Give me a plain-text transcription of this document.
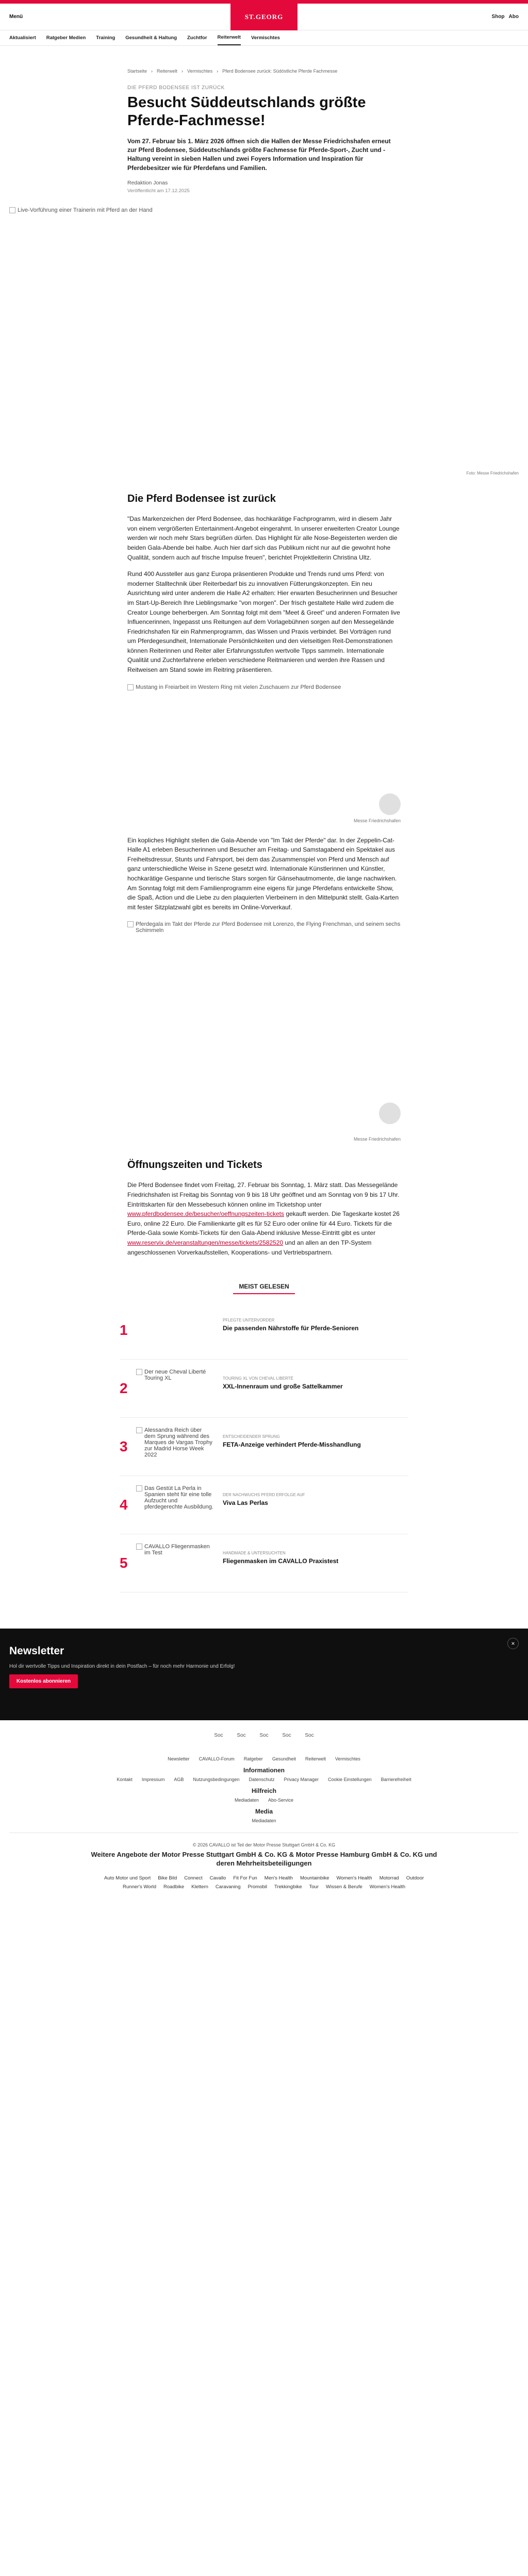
Menü	ST.GEORG	Shop Abo
Aktualisiert Ratgeber Medien Training Gesundheit & Haltung Zuchtfor Reiterwelt Vermischtes
Startseite › Reiterwelt › Vermischtes › Pferd Bodensee zurück: Südöstliche Pferde Fachmesse
DIE PFERD BODENSEE IST ZURÜCK
Besucht Süddeutschlands größte Pferde-Fachmesse!

Vom 27. Februar bis 1. März 2026 öffnen sich die Hallen der Messe Friedrichshafen erneut zur Pferd Bodensee, Süddeutschlands größte Fachmesse für Pferde-Sport-, Zucht und -Haltung vereint in sieben Hallen und zwei Foyers Information und Inspiration für Pferdebesitzer wie für Pferdefans und Familien.

Redaktion Jonas
Veröffentlicht am 17.12.2025
Live-Vorführung einer Trainerin mit Pferd an der Hand
Foto: Messe Friedrichshafen
Die Pferd Bodensee ist zurück

"Das Markenzeichen der Pferd Bodensee, das hochkarätige Fachprogramm, wird in diesem Jahr von einem vergrößerten Entertainment-Angebot eingerahmt. In unserer erweiterten Creator Lounge werden wir noch mehr Stars begrüßen dürfen. Das Highlight für alle Nose-Begeisterten werden die beiden Gala-Abende bei halbe. Auch hier darf sich das Publikum nicht nur auf die gewohnt hohe Qualität, sondern auch auf frische Impulse freuen", berichtet Projektleiterin Christina Ultz.

Rund 400 Aussteller aus ganz Europa präsentieren Produkte und Trends rund ums Pferd: von moderner Stalltechnik über Reiterbedarf bis zu innovativen Fütterungskonzepten. Ein neu Ausrichtung wird unter anderem die Halle A2 erhalten: Hier erwarten Besucherinnen und Besucher im Start-Up-Bereich Ihre Lieblingsmarke "von morgen". Der frisch gestaltete Halle wird zudem die Creator Lounge beherbergen. Am Sonntag folgt mit dem "Meet & Greet" und anderen Formaten live Influencerinnen, Ingepasst uns Reitungen auf dem Vorlagebühnen sorgen auf den Messegelände Friedrichshafen für ein Rahmenprogramm, das Wissen und Praxis verbindet. Bei Vorträgen rund um Pferdegesundheit, Internationale Persönlichkeiten und den vielseitigen Reit-Demonstrationen können Reiterinnen und Reiter aller Erfahrungsstufen wertvolle Tipps sammeln. Internationale Qualität und Zuchterfahrene erleben verschiedene Reitmanieren und werden ihre Rassen und Reitweisen am Stand sowie im Reitring präsentieren.

Mustang in Freiarbeit im Western Ring mit vielen Zuschauern zur Pferd Bodensee
Messe Friedrichshafen

Ein kopliches Highlight stellen die Gala-Abende von "Im Takt der Pferde" dar. In der Zeppelin-Cat-Halle A1 erleben Besucherinnen und Besucher am Freitag- und Samstagabend ein Spektakel aus Freiheitsdressur, Stunts und Fahrsport, bei dem das Zusammenspiel von Pferd und Mensch auf ganz unterschiedliche Weise in Szene gesetzt wird. Internationale Künstlerinnen und Künstler, hochkarätige Gespanne und tierische Stars sorgen für Gänsehautmomente, die lange nachwirken. Am Sonntag folgt mit dem Familienprogramm eine eigens für junge Pferdefans entwickelte Show, die Spaß, Action und die Liebe zu den plaquierten Vierbeinern in den Mittelpunkt stellt. Gala-Karten mit fester Sitzplatzwahl gibt es bereits im Online-Vorverkauf.

Pferdegala im Takt der Pferde zur Pferd Bodensee mit Lorenzo, the Flying Frenchman, und seinem sechs Schimmeln
Messe Friedrichshafen
Öffnungszeiten und Tickets

Die Pferd Bodensee findet vom Freitag, 27. Februar bis Sonntag, 1. März statt. Das Messegelände Friedrichshafen ist Freitag bis Sonntag von 9 bis 18 Uhr geöffnet und am Sonntag von 9 bis 17 Uhr. Eintrittskarten für den Messebesuch können online im Ticketshop unter www.pferdbodensee.de/besucher/oeffnungszeiten-tickets gekauft werden. Die Tageskarte kostet 26 Euro, online 22 Euro. Die Familienkarte gilt es für 52 Euro oder online für 44 Euro. Tickets für die Pferde-Gala sowie Kombi-Tickets für den Gala-Abend inklusive Messe-Eintritt gibt es unter www.reservix.de/veranstaltungen/messe/tickets/2582520 und an allen an den TP-System angeschlossenen Vorverkaufsstellen, Kooperations- und Vertriebspartnern.

MEIST GELESEN
1
PFLEGTE UNTERVORDER
Die passenden Nährstoffe für Pferde-Senioren
2
Der neue Cheval Liberté Touring XL	TOURING XL VON CHEVAL LIBERTÉ
XXL-Innenraum und große Sattelkammer
3
Alessandra Reich über dem Sprung während des Marques de Vargas Trophy zur Madrid Horse Week 2022
ENTSCHEIDENDER SPRUNG
FETA-Anzeige verhindert Pferde-Misshandlung
4
Das Gestüt La Perla in Spanien steht für eine tolle Aufzucht und pferdegerechte Ausbildung.
DER NACHWUCHS PFERD ERFOLGE AUF
Viva Las Perlas
5
CAVALLO Fliegenmasken im Test	HANDMADE & UNTERSUCHTEN
Fliegenmasken im CAVALLO Praxistest
×
Newsletter
Hol dir wertvolle Tipps und Inspiration direkt in dein Postfach – für noch mehr Harmonie und Erfolg!
Kostenlos abonnieren
Soc	Soc	Soc	Soc	Soc
Newsletter CAVALLO-Forum Ratgeber Gesundheit Reiterwelt Vermischtes
Informationen
Kontakt Impressum AGB Nutzungsbedingungen Datenschutz Privacy Manager Cookie Einstellungen Barrierefreiheit
Hilfreich
Mediadaten Abo-Service
Media
Mediadaten
© 2026 CAVALLO ist Teil der Motor Presse Stuttgart GmbH & Co. KG
Weitere Angebote der Motor Presse Stuttgart GmbH & Co. KG & Motor Presse Hamburg GmbH & Co. KG und deren Mehrheitsbeteiligungen
Auto Motor und Sport Bike Bild Connect Cavallo Fit For Fun Men's Health Mountainbike Women's Health Motorrad Outdoor
Runner's World Roadbike Klettern Caravaning Promobil Trekkingbike Tour Wissen & Berufe Women's Health
